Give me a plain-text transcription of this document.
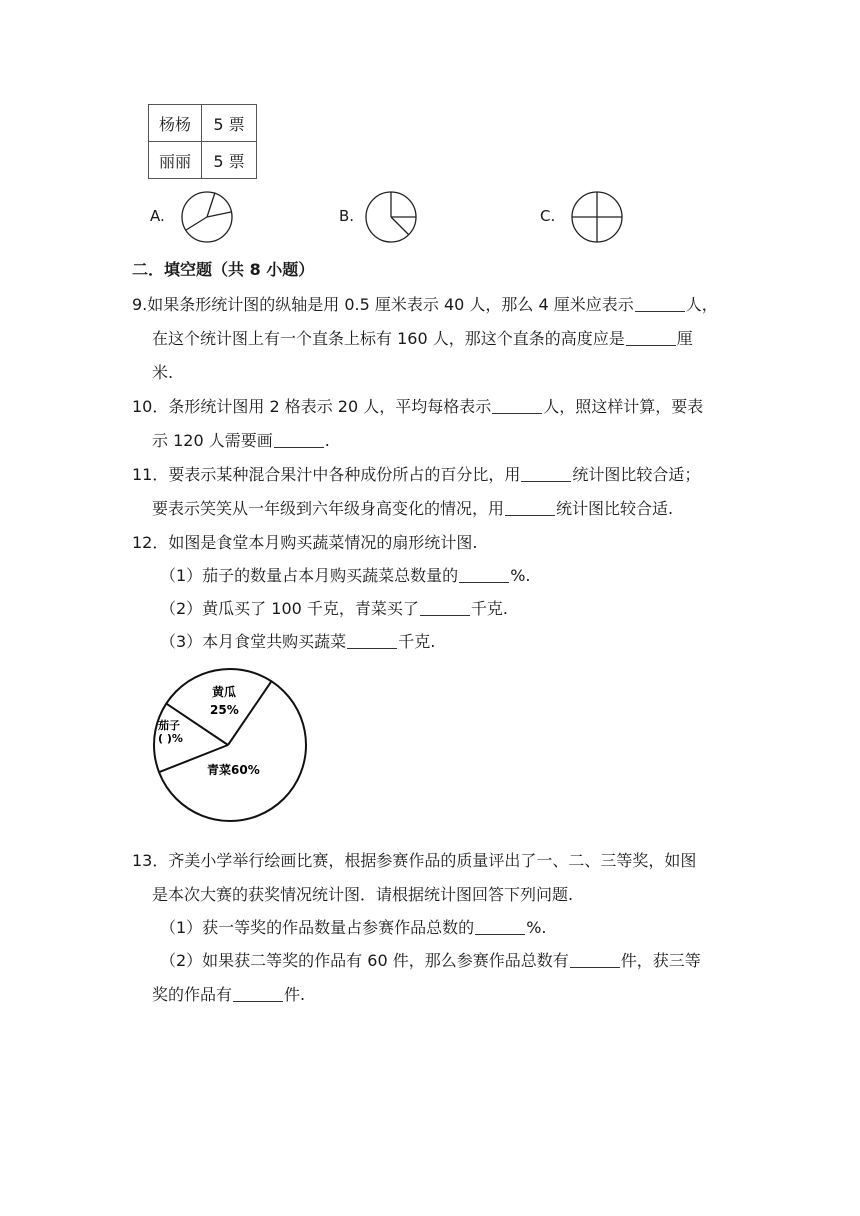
杨杨	5 票
丽丽	5 票
A.	B.	C.
二．填空题（共 8 小题）
9.如果条形统计图的纵轴是用 0.5 厘米表示 40 人，那么 4 厘米应表示	人，
在这个统计图上有一个直条上标有 160 人，那这个直条的高度应是	厘
米.
10．条形统计图用 2 格表示 20 人，平均每格表示	人，照这样计算，要表
示 120 人需要画	.
11．要表示某种混合果汁中各种成份所占的百分比，用	统计图比较合适；
要表示笑笑从一年级到六年级身高变化的情况，用	统计图比较合适.
12．如图是食堂本月购买蔬菜情况的扇形统计图.
（1）茄子的数量占本月购买蔬菜总数量的	%.
（2）黄瓜买了 100 千克，青菜买了	千克.
（3）本月食堂共购买蔬菜	千克.
黄瓜
25%
茄子
( )%
青菜60%
13．齐美小学举行绘画比赛，根据参赛作品的质量评出了一、二、三等奖，如图
是本次大赛的获奖情况统计图．请根据统计图回答下列问题.
（1）获一等奖的作品数量占参赛作品总数的	%.
（2）如果获二等奖的作品有 60 件，那么参赛作品总数有	件，获三等
奖的作品有	件.
